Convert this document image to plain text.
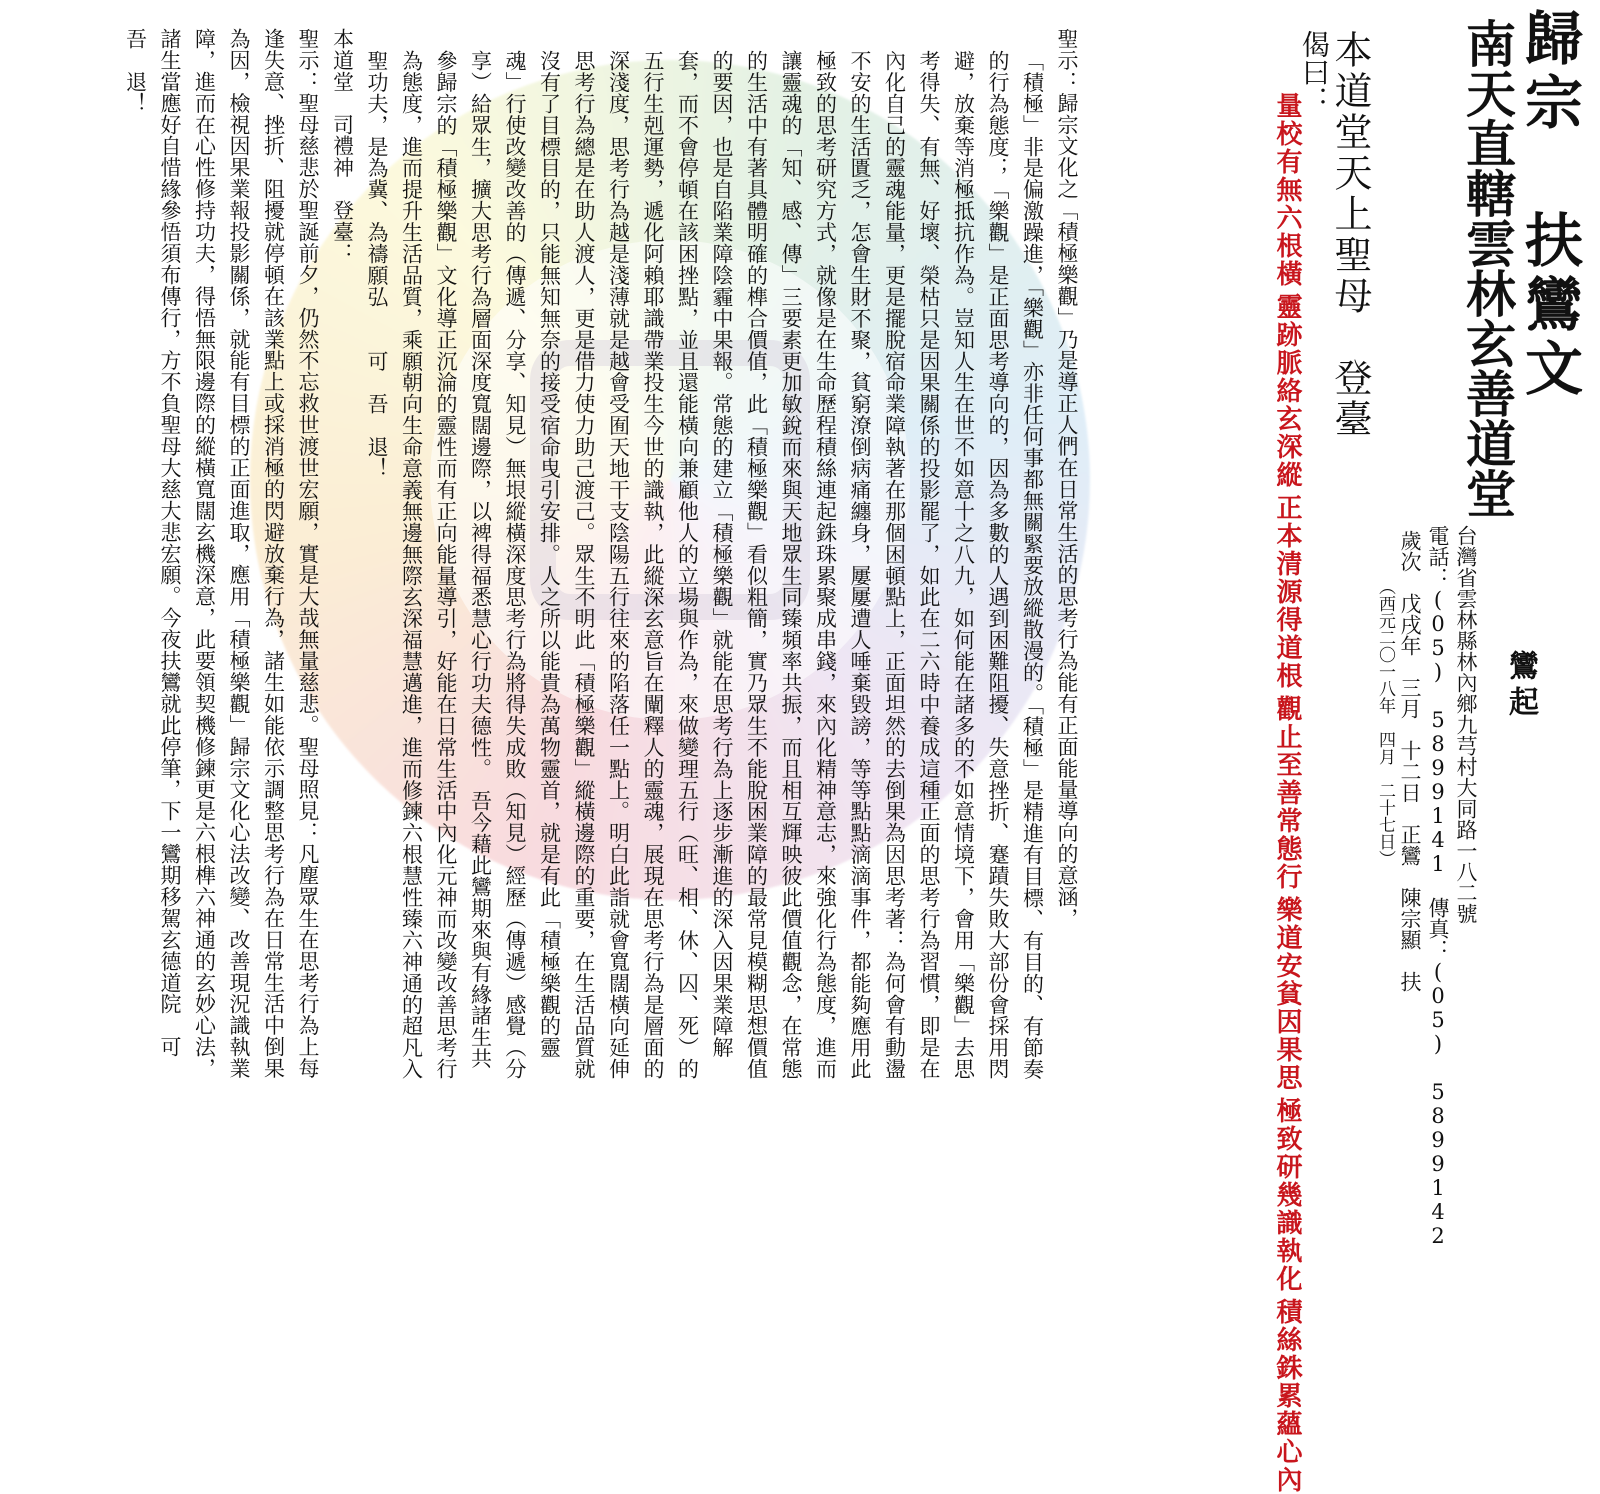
歸宗 扶鸞文
南天直轄雲林玄善道堂
鸞起
台灣省雲林縣林內鄉九芎村大同路一八二號
電話：(05) 5899141　傳真：(05) 5899142
歲次　戊戌年　三月　十二日　正鸞　陳宗顯　扶
（西元二〇一八年　四月　二十七日）
本道堂天上聖母　登臺
偈曰：
積絲銖累蘊心內
極致研幾識執化
樂道安貧因果思
觀止至善常態行
正本清源得道根
靈跡脈絡玄深縱
量校有無六根橫

聖示：歸宗文化之「積極樂觀」乃是導正人們在日常生活的思考行為能有正面能量導向的意涵，

「積極」非是偏激躁進，「樂觀」亦非任何事都無關緊要放縱散漫的。「積極」是精進有目標、有目的、有節奏的行為態度；「樂觀」是正面思考導向的，因為多數的人遇到困難阻擾、失意挫折、蹇蹟失敗大部份會採用閃避，放棄等消極抵抗作為。豈知人生在世不如意十之八九，如何能在諸多的不如意情境下，會用「樂觀」去思考得失、有無、好壞、榮枯只是因果關係的投影罷了，如此在二六時中養成這種正面的思考行為習慣，即是在內化自己的靈魂能量，更是擺脫宿命業障執著在那個困頓點上，正面坦然的去倒果為因思考著：為何會有動盪不安的生活匱乏，怎會生財不聚，貧窮潦倒病痛纏身，屢屢遭人唾棄毀謗，等等點點滴滴事件，都能夠應用此極致的思考研究方式，就像是在生命歷程積絲連起銖珠累聚成串錢，來內化精神意志，來強化行為態度，進而讓靈魂的「知、感、傳」三要素更加敏銳而來與天地眾生同臻頻率共振，而且相互輝映彼此價值觀念，在常態的生活中有著具體明確的榫合價值，此「積極樂觀」看似粗簡，實乃眾生不能脫困業障的最常見模糊思想價值的要因，也是自陷業障陰霾中果報。常態的建立「積極樂觀」就能在思考行為上逐步漸進的深入因果業障解套，而不會停頓在該困挫點，並且還能橫向兼顧他人的立場與作為，來做變理五行（旺、相、休、囚、死）的五行生剋運勢，遞化阿賴耶識帶業投生今世的識執，此縱深玄意旨在闡釋人的靈魂，展現在思考行為是層面的深淺度，思考行為越是淺薄就是越會受囿天地干支陰陽五行往來的陷落任一點上。明白此詣就會寬闊橫向延伸思考行為總是在助人渡人，更是借力使力助己渡己。眾生不明此「積極樂觀」縱橫邊際的重要，在生活品質就沒有了目標目的，只能無知無奈的接受宿命曳引安排。人之所以能貴為萬物靈首，就是有此「積極樂觀的靈魂」行使改變改善的（傳遞、分享、知見）無垠縱橫深度思考行為將得失成敗（知見）經歷（傳遞）感覺（分享）給眾生，擴大思考行為層面深度寬闊邊際，以裨得福悉慧心行功夫德性。　吾今藉此鸞期來與有緣諸生共參歸宗的「積極樂觀」文化導正沉淪的靈性而有正向能量導引，好能在日常生活中內化元神而改變改善思考行為態度，進而提升生活品質，乘願朝向生命意義無邊無際玄深福慧邁進，進而修鍊六根慧性臻六神通的超凡入聖功夫，是為冀、為禱願弘　　可　吾　退！

本道堂　司禮神　登臺：

聖示：聖母慈悲於聖誕前夕，仍然不忘救世渡世宏願，實是大哉無量慈悲。聖母照見：凡塵眾生在思考行為上每逢失意、挫折、阻擾就停頓在該業點上或採消極的閃避放棄行為，諸生如能依示調整思考行為在日常生活中倒果為因，檢視因果業報投影關係，就能有目標的正面進取，應用「積極樂觀」歸宗文化心法改變、改善現況識執業障，進而在心性修持功夫，得悟無限邊際的縱橫寬闊玄機深意，此要領契機修鍊更是六根榫六神通的玄妙心法，諸生當應好自惜緣參悟須布傳行，方不負聖母大慈大悲宏願。今夜扶鸞就此停筆，下一鸞期移駕玄德道院　可　吾　退！
